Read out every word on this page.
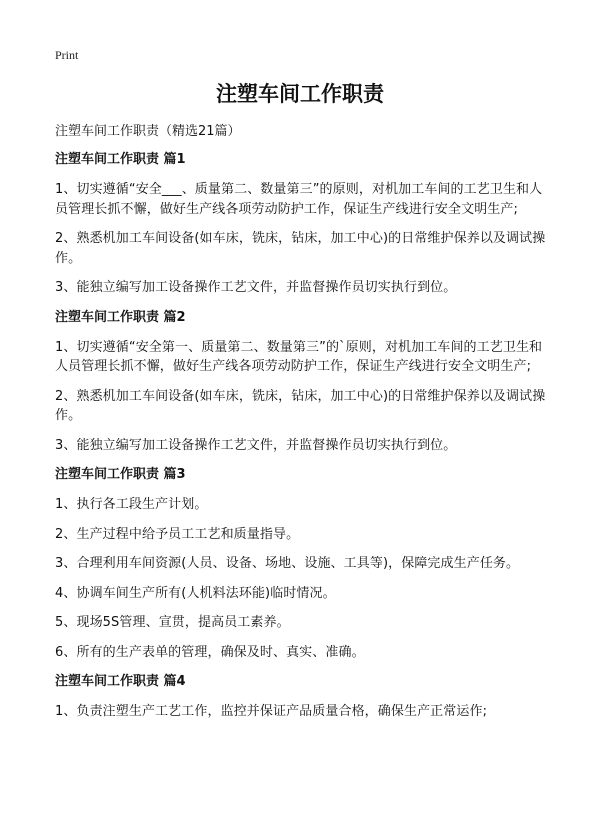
Print
注塑车间工作职责

注塑车间工作职责（精选21篇）

注塑车间工作职责 篇1

1、切实遵循“安全___、质量第二、数量第三”的原则，对机加工车间的工艺卫生和人员管理长抓不懈，做好生产线各项劳动防护工作，保证生产线进行安全文明生产;

2、熟悉机加工车间设备(如车床，铣床，钻床，加工中心)的日常维护保养以及调试操作。

3、能独立编写加工设备操作工艺文件，并监督操作员切实执行到位。

注塑车间工作职责 篇2

1、切实遵循“安全第一、质量第二、数量第三”的`原则，对机加工车间的工艺卫生和人员管理长抓不懈，做好生产线各项劳动防护工作，保证生产线进行安全文明生产;

2、熟悉机加工车间设备(如车床，铣床，钻床，加工中心)的日常维护保养以及调试操作。

3、能独立编写加工设备操作工艺文件，并监督操作员切实执行到位。

注塑车间工作职责 篇3

1、执行各工段生产计划。

2、生产过程中给予员工工艺和质量指导。

3、合理利用车间资源(人员、设备、场地、设施、工具等)，保障完成生产任务。

4、协调车间生产所有(人机料法环能)临时情况。

5、现场5S管理、宣贯，提高员工素养。

6、所有的生产表单的管理，确保及时、真实、准确。

注塑车间工作职责 篇4

1、负责注塑生产工艺工作，监控并保证产品质量合格，确保生产正常运作;
